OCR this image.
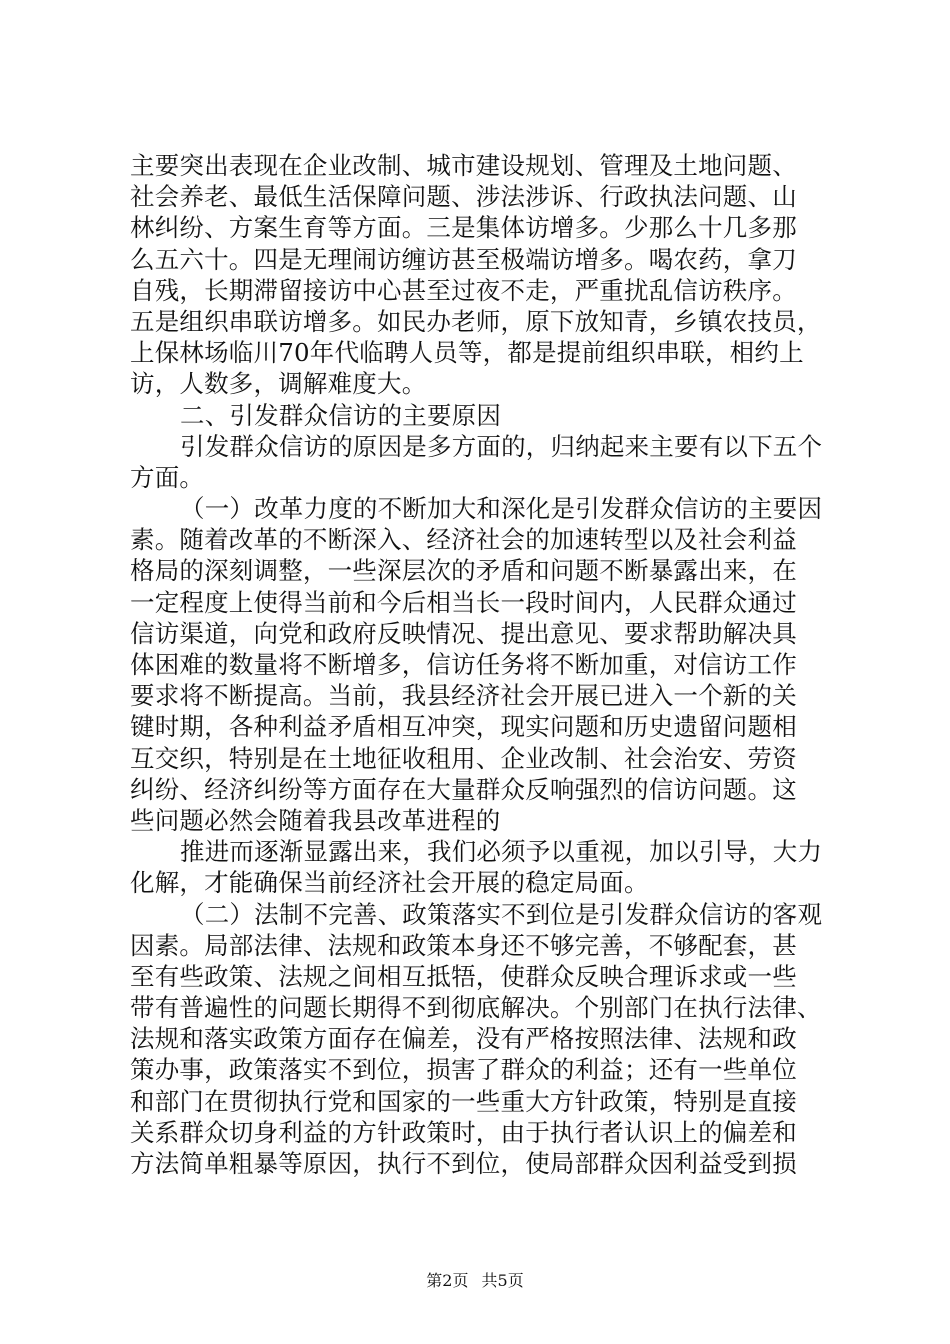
主要突出表现在企业改制、城市建设规划、管理及土地问题、
社会养老、最低生活保障问题、涉法涉诉、行政执法问题、山
林纠纷、方案生育等方面。三是集体访增多。少那么十几多那
么五六十。四是无理闹访缠访甚至极端访增多。喝农药，拿刀
自残，长期滞留接访中心甚至过夜不走，严重扰乱信访秩序。
五是组织串联访增多。如民办老师，原下放知青，乡镇农技员，
上保林场临川70年代临聘人员等，都是提前组织串联，相约上
访，人数多，调解难度大。
二、引发群众信访的主要原因
引发群众信访的原因是多方面的，归纳起来主要有以下五个
方面。
（一）改革力度的不断加大和深化是引发群众信访的主要因
素。随着改革的不断深入、经济社会的加速转型以及社会利益
格局的深刻调整，一些深层次的矛盾和问题不断暴露出来，在
一定程度上使得当前和今后相当长一段时间内，人民群众通过
信访渠道，向党和政府反映情况、提出意见、要求帮助解决具
体困难的数量将不断增多，信访任务将不断加重，对信访工作
要求将不断提高。当前，我县经济社会开展已进入一个新的关
键时期，各种利益矛盾相互冲突，现实问题和历史遗留问题相
互交织，特别是在土地征收租用、企业改制、社会治安、劳资
纠纷、经济纠纷等方面存在大量群众反响强烈的信访问题。这
些问题必然会随着我县改革进程的
推进而逐渐显露出来，我们必须予以重视，加以引导，大力
化解，才能确保当前经济社会开展的稳定局面。
（二）法制不完善、政策落实不到位是引发群众信访的客观
因素。局部法律、法规和政策本身还不够完善，不够配套，甚
至有些政策、法规之间相互抵牾，使群众反映合理诉求或一些
带有普遍性的问题长期得不到彻底解决。个别部门在执行法律、
法规和落实政策方面存在偏差，没有严格按照法律、法规和政
策办事，政策落实不到位，损害了群众的利益；还有一些单位
和部门在贯彻执行党和国家的一些重大方针政策，特别是直接
关系群众切身利益的方针政策时，由于执行者认识上的偏差和
方法简单粗暴等原因，执行不到位，使局部群众因利益受到损
第2页 共5页
